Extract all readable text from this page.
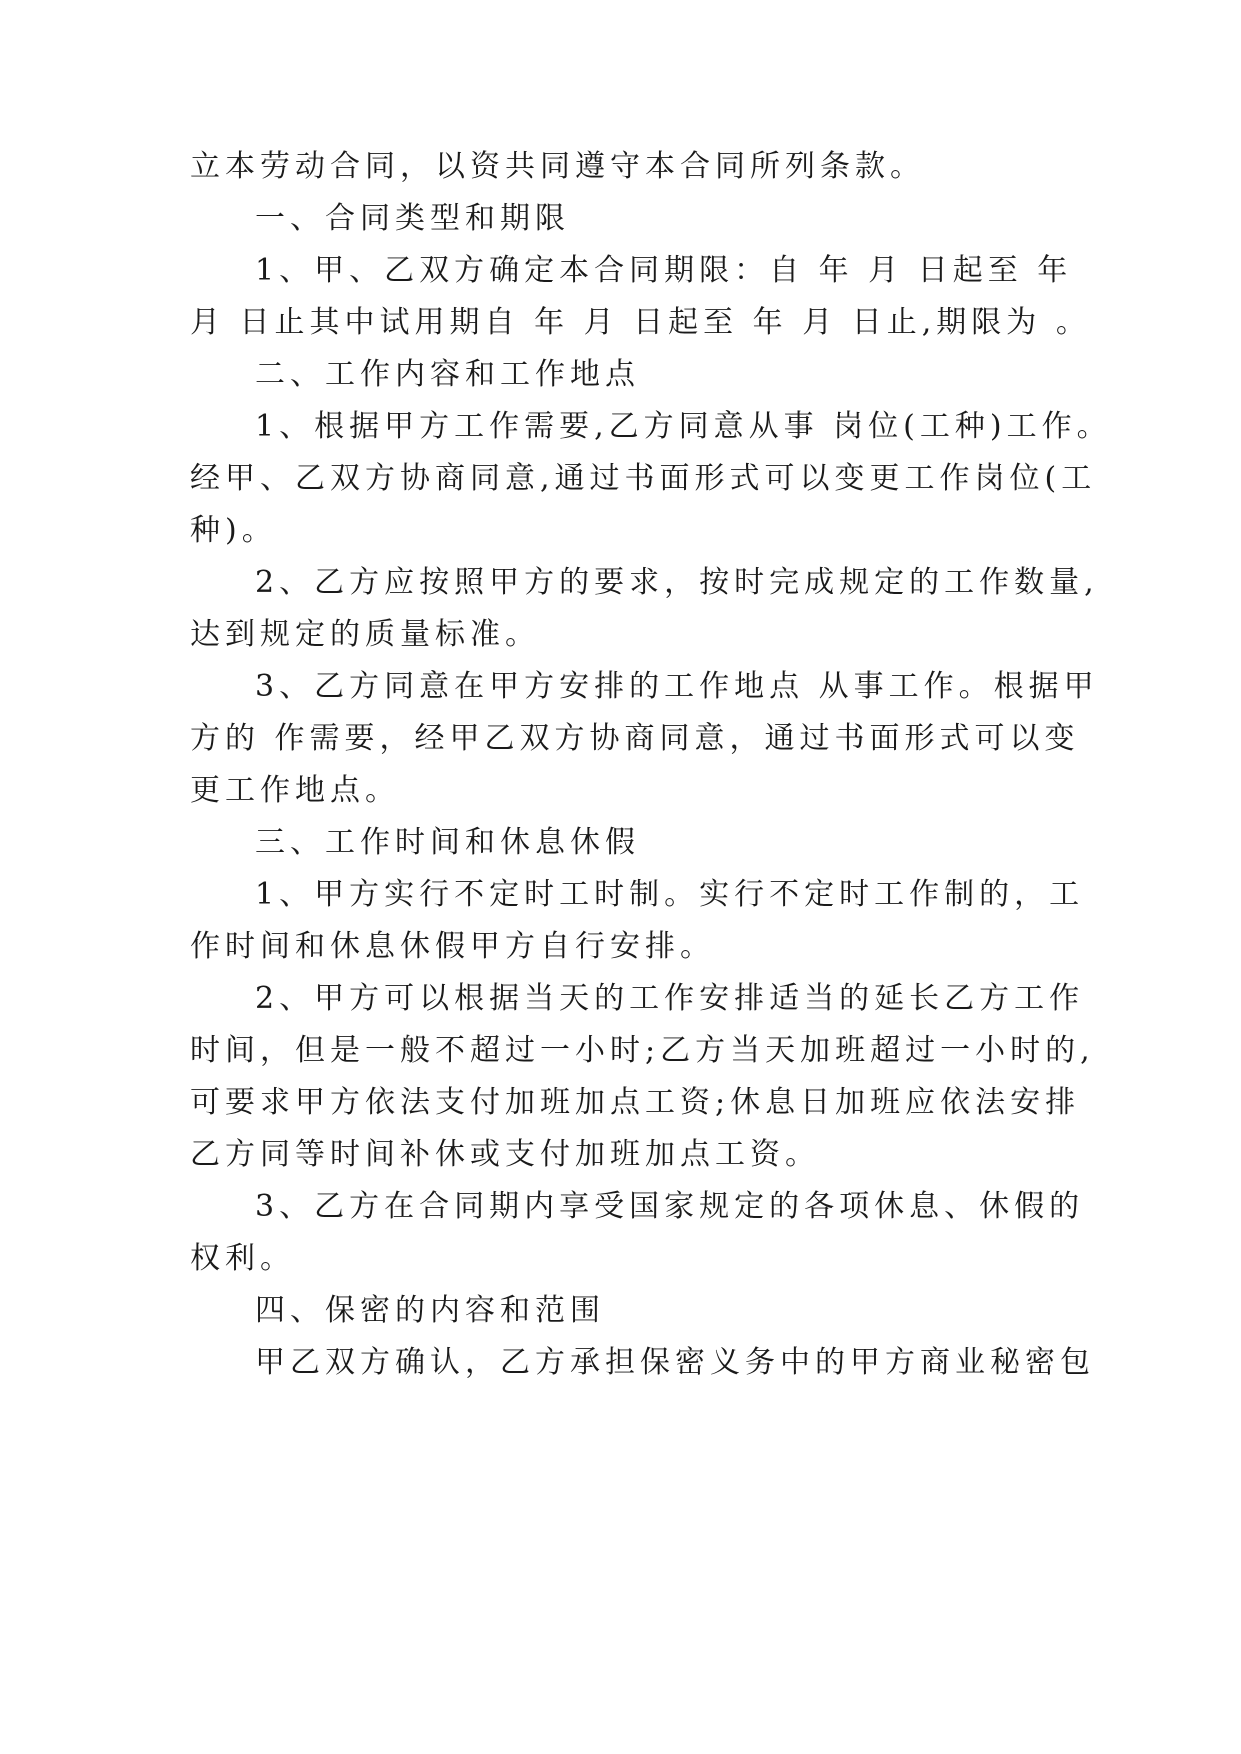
立本劳动合同，以资共同遵守本合同所列条款。
一、合同类型和期限
1、甲、乙双方确定本合同期限：自 年 月 日起至 年
月 日止其中试用期自 年 月 日起至 年 月 日止,期限为 。
二、工作内容和工作地点
1、根据甲方工作需要,乙方同意从事 岗位(工种)工作。
经甲、乙双方协商同意,通过书面形式可以变更工作岗位(工
种)。
2、乙方应按照甲方的要求，按时完成规定的工作数量,
达到规定的质量标准。
3、乙方同意在甲方安排的工作地点 从事工作。根据甲
方的 作需要，经甲乙双方协商同意，通过书面形式可以变
更工作地点。
三、工作时间和休息休假
1、甲方实行不定时工时制。实行不定时工作制的，工
作时间和休息休假甲方自行安排。
2、甲方可以根据当天的工作安排适当的延长乙方工作
时间，但是一般不超过一小时;乙方当天加班超过一小时的,
可要求甲方依法支付加班加点工资;休息日加班应依法安排
乙方同等时间补休或支付加班加点工资。
3、乙方在合同期内享受国家规定的各项休息、休假的
权利。
四、保密的内容和范围
甲乙双方确认，乙方承担保密义务中的甲方商业秘密包
